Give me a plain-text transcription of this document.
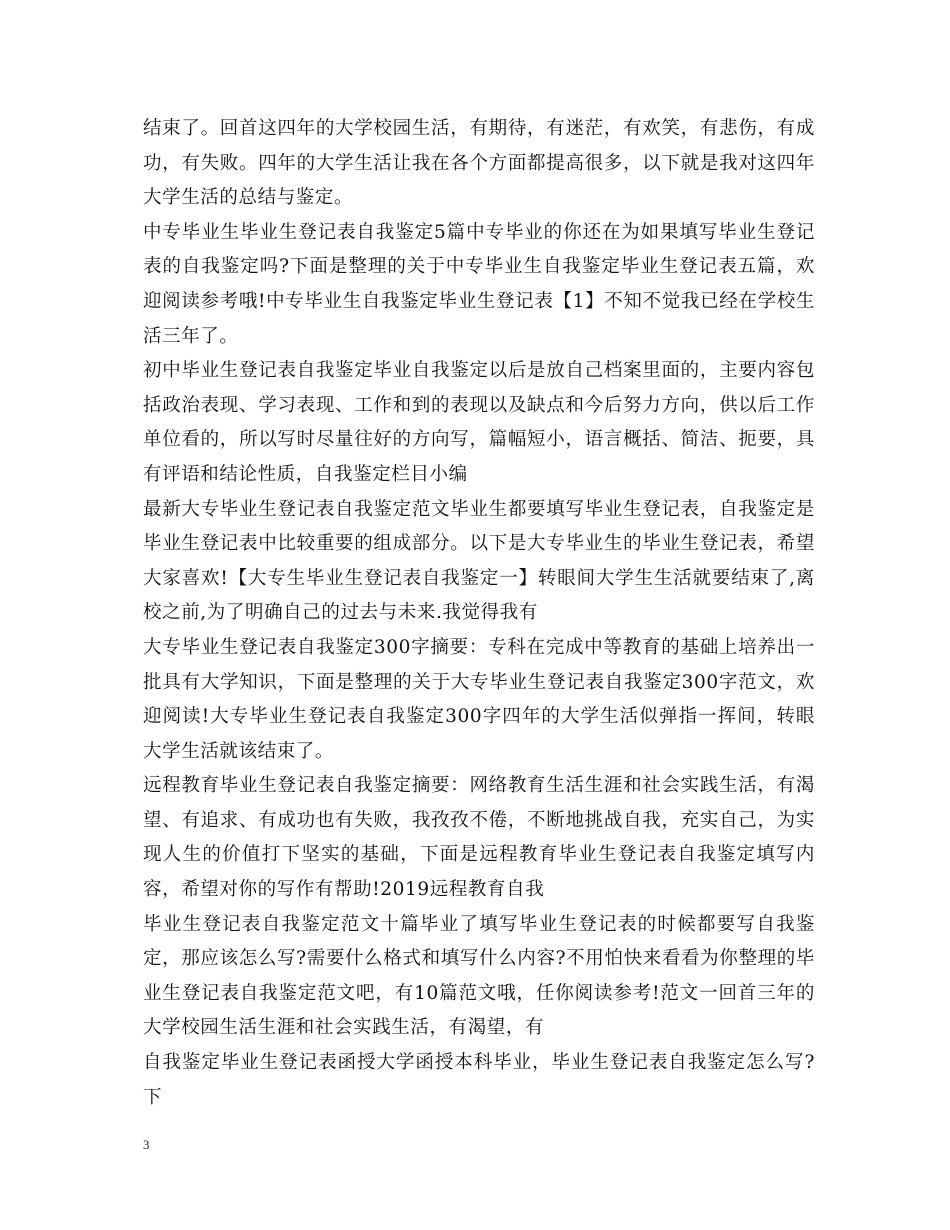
结束了。回首这四年的大学校园生活，有期待，有迷茫，有欢笑，有悲伤，有成功，有失败。四年的大学生活让我在各个方面都提高很多，以下就是我对这四年大学生活的总结与鉴定。

中专毕业生毕业生登记表自我鉴定5篇中专毕业的你还在为如果填写毕业生登记表的自我鉴定吗?下面是整理的关于中专毕业生自我鉴定毕业生登记表五篇，欢迎阅读参考哦!中专毕业生自我鉴定毕业生登记表【1】不知不觉我已经在学校生活三年了。

初中毕业生登记表自我鉴定毕业自我鉴定以后是放自己档案里面的，主要内容包括政治表现、学习表现、工作和到的表现以及缺点和今后努力方向，供以后工作单位看的，所以写时尽量往好的方向写，篇幅短小，语言概括、简洁、扼要，具有评语和结论性质，自我鉴定栏目小编

最新大专毕业生登记表自我鉴定范文毕业生都要填写毕业生登记表，自我鉴定是毕业生登记表中比较重要的组成部分。以下是大专毕业生的毕业生登记表，希望大家喜欢!【大专生毕业生登记表自我鉴定一】转眼间大学生生活就要结束了,离校之前,为了明确自己的过去与未来.我觉得我有

大专毕业生登记表自我鉴定300字摘要：专科在完成中等教育的基础上培养出一批具有大学知识，下面是整理的关于大专毕业生登记表自我鉴定300字范文，欢迎阅读!大专毕业生登记表自我鉴定300字四年的大学生活似弹指一挥间，转眼大学生活就该结束了。

远程教育毕业生登记表自我鉴定摘要：网络教育生活生涯和社会实践生活，有渴望、有追求、有成功也有失败，我孜孜不倦，不断地挑战自我，充实自己，为实现人生的价值打下坚实的基础，下面是远程教育毕业生登记表自我鉴定填写内容，希望对你的写作有帮助!2019远程教育自我

毕业生登记表自我鉴定范文十篇毕业了填写毕业生登记表的时候都要写自我鉴定，那应该怎么写?需要什么格式和填写什么内容?不用怕快来看看为你整理的毕业生登记表自我鉴定范文吧，有10篇范文哦，任你阅读参考!范文一回首三年的大学校园生活生涯和社会实践生活，有渴望，有

自我鉴定毕业生登记表函授大学函授本科毕业，毕业生登记表自我鉴定怎么写?下

3
